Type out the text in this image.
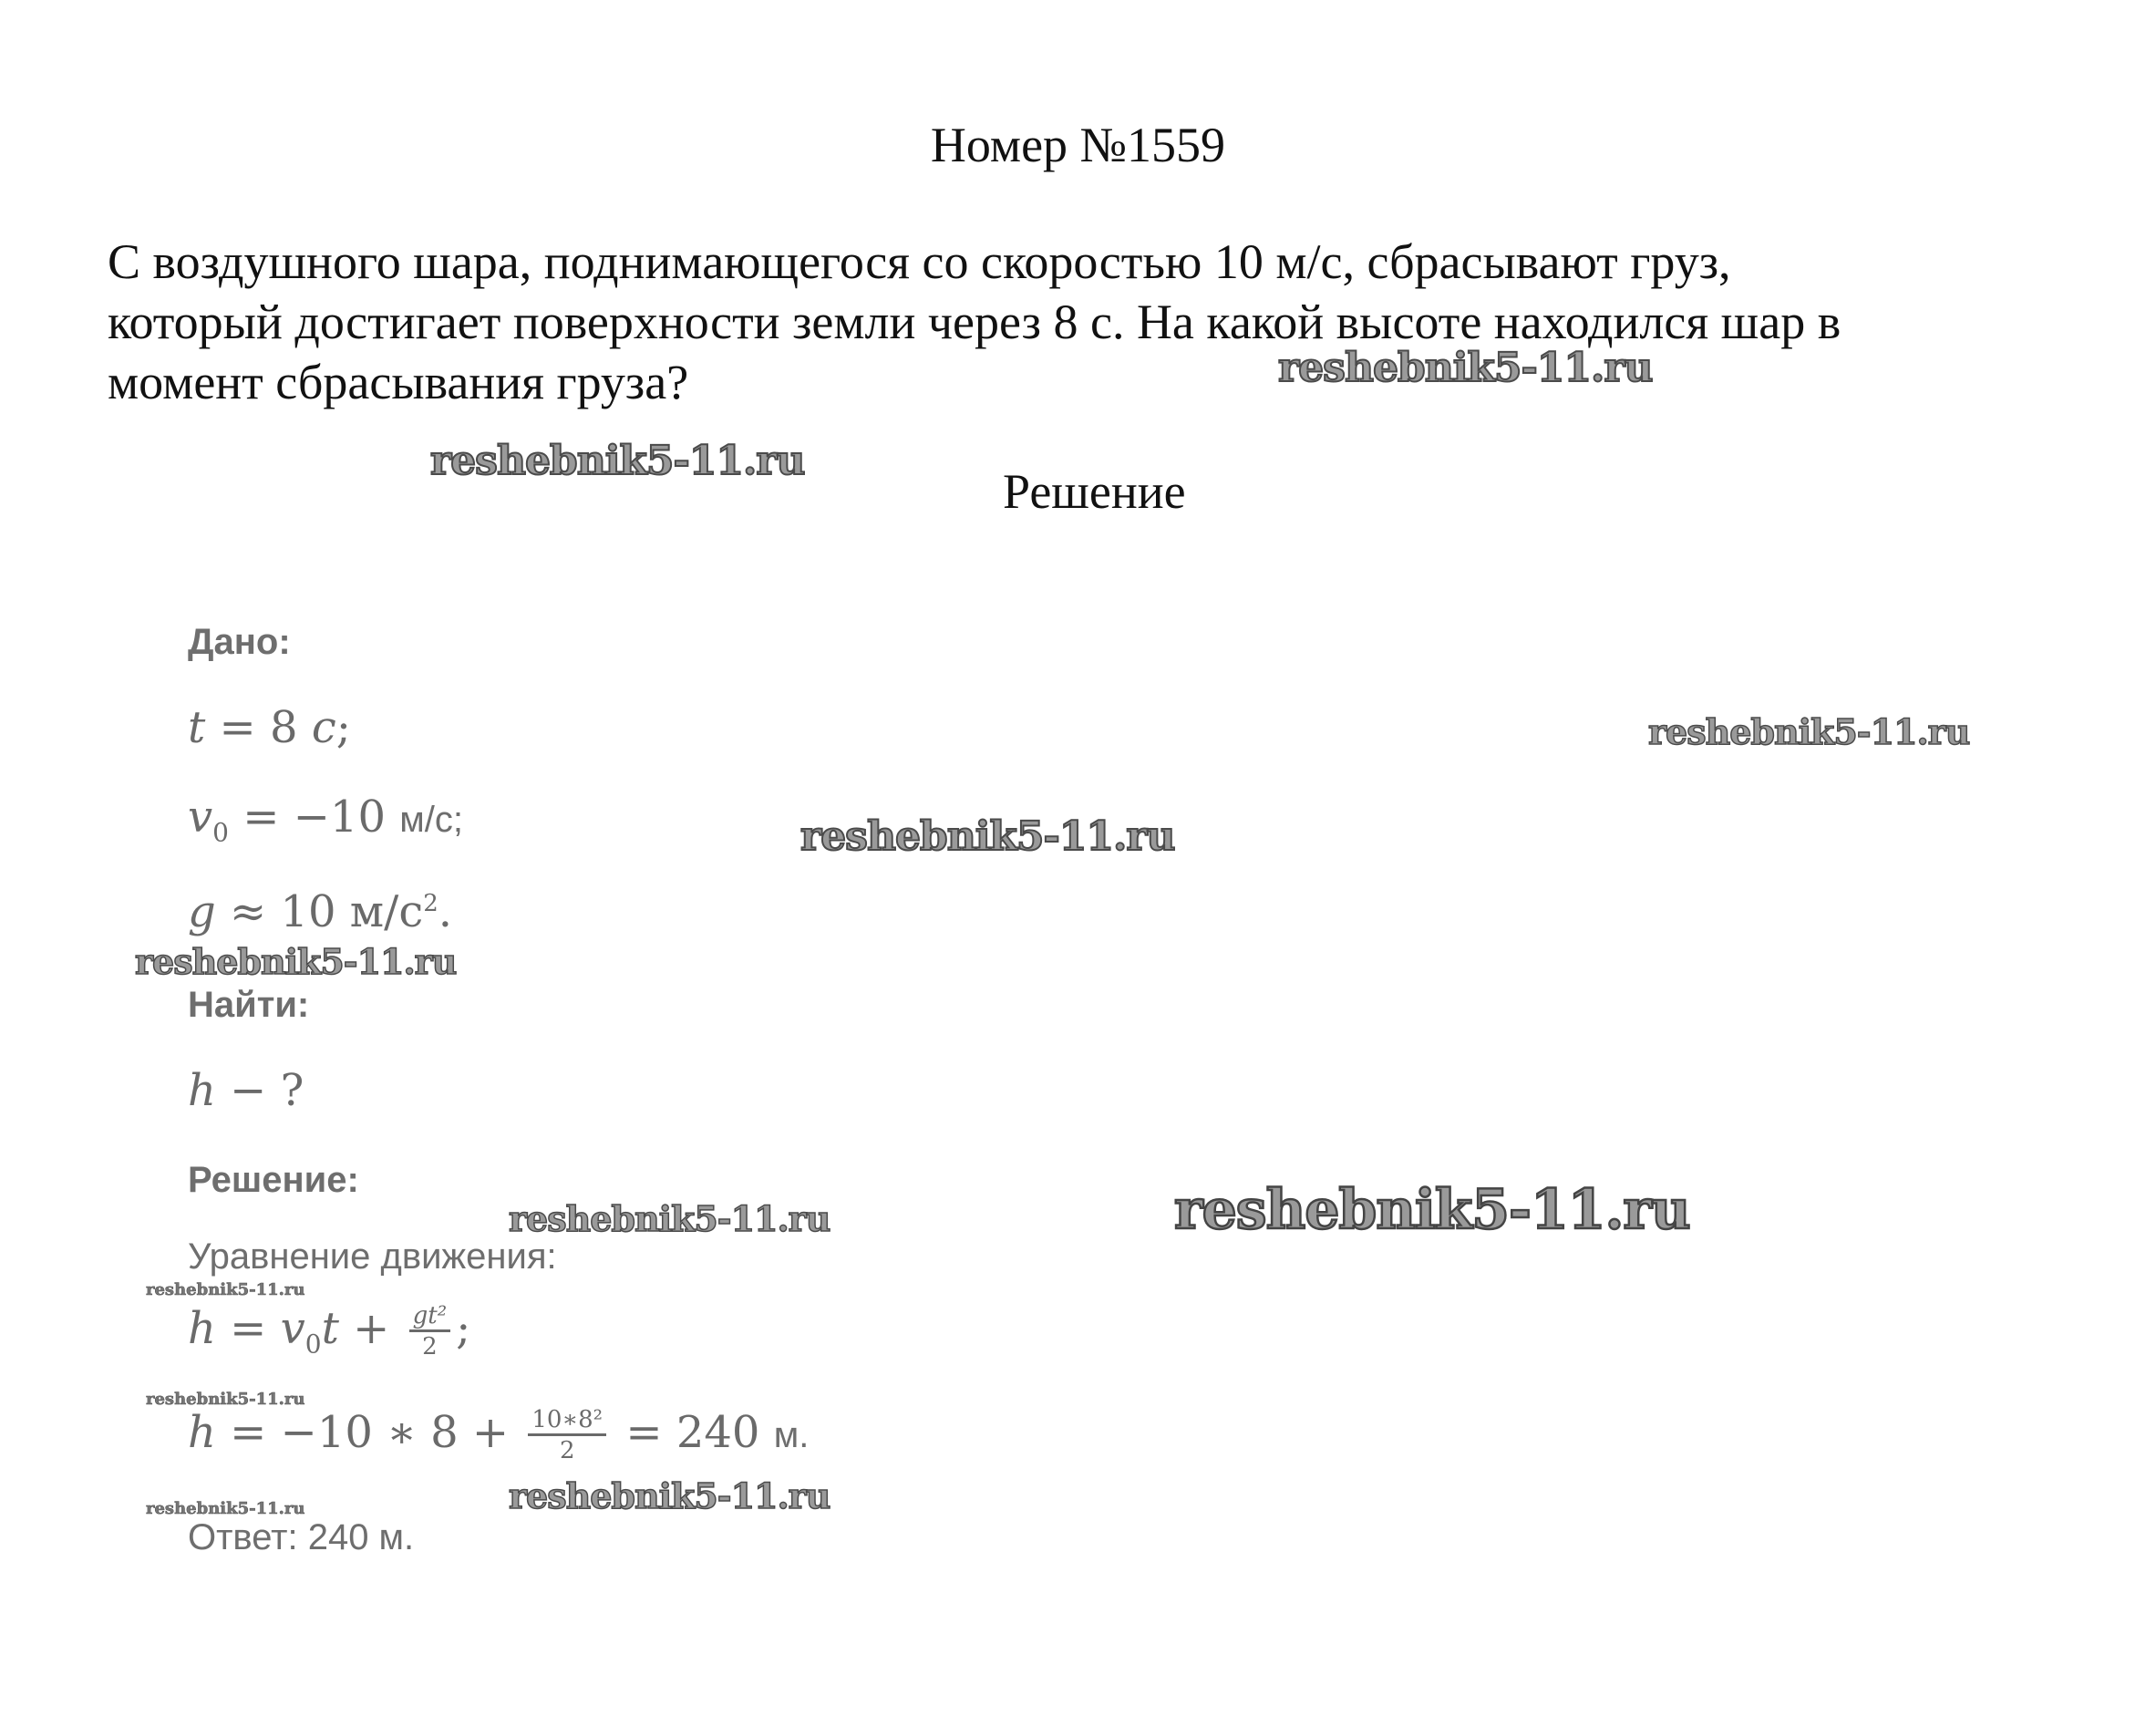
Номер №1559
С воздушного шара, поднимающегося со скоростью 10 м/с, сбрасывают груз,
который достигает поверхности земли через 8 с. На какой высоте находился шар в
момент сбрасывания груза?
Решение
Дано:
t = 8 c;
$v_0 = -10$ м/с;
g ≈ 10 $м/с^2$.
Найти:
h − ?
Решение:
Уравнение движения:
$h = v_0t + \frac{\text{gt²}}{2}$ ;
h = −10 ∗ $8 + \frac{\text{10∗8²}}{2} = 240$ м.
Ответ: 240 м.
reshebnik5-11.ru
reshebnik5-11.ru
reshebnik5-11.ru
reshebnik5-11.ru
reshebnik5-11.ru
reshebnik5-11.ru	reshebnik5-11.ru
reshebnik5-11.ru
reshebnik5-11.ru
reshebnik5-11.ru
reshebnik5-11.ru
